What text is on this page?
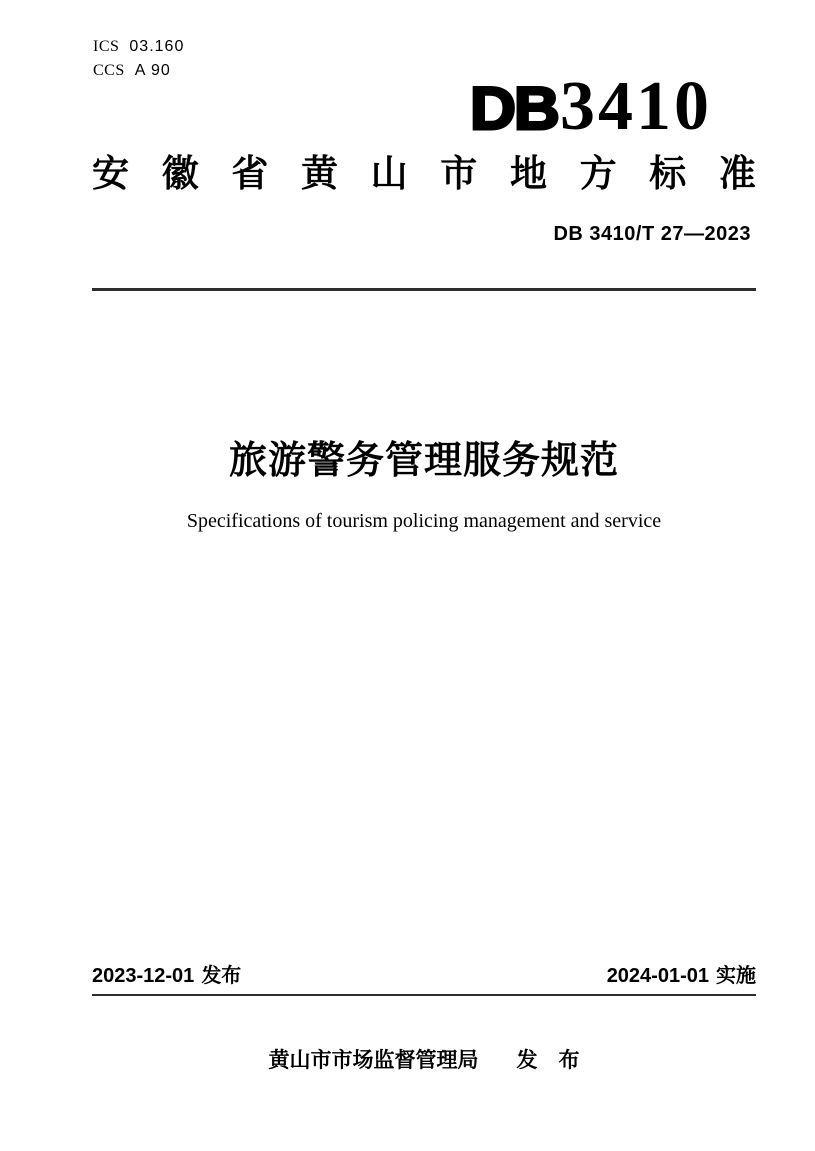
ICS 03.160
CCS A 90
DB 3410
安 徽 省 黄 山 市 地 方 标 准
DB 3410/T 27—2023
旅游警务管理服务规范
Specifications of tourism policing management and service
2023-12-01 发布	2024-01-01 实施
黄山市市场监督管理局 发　布
